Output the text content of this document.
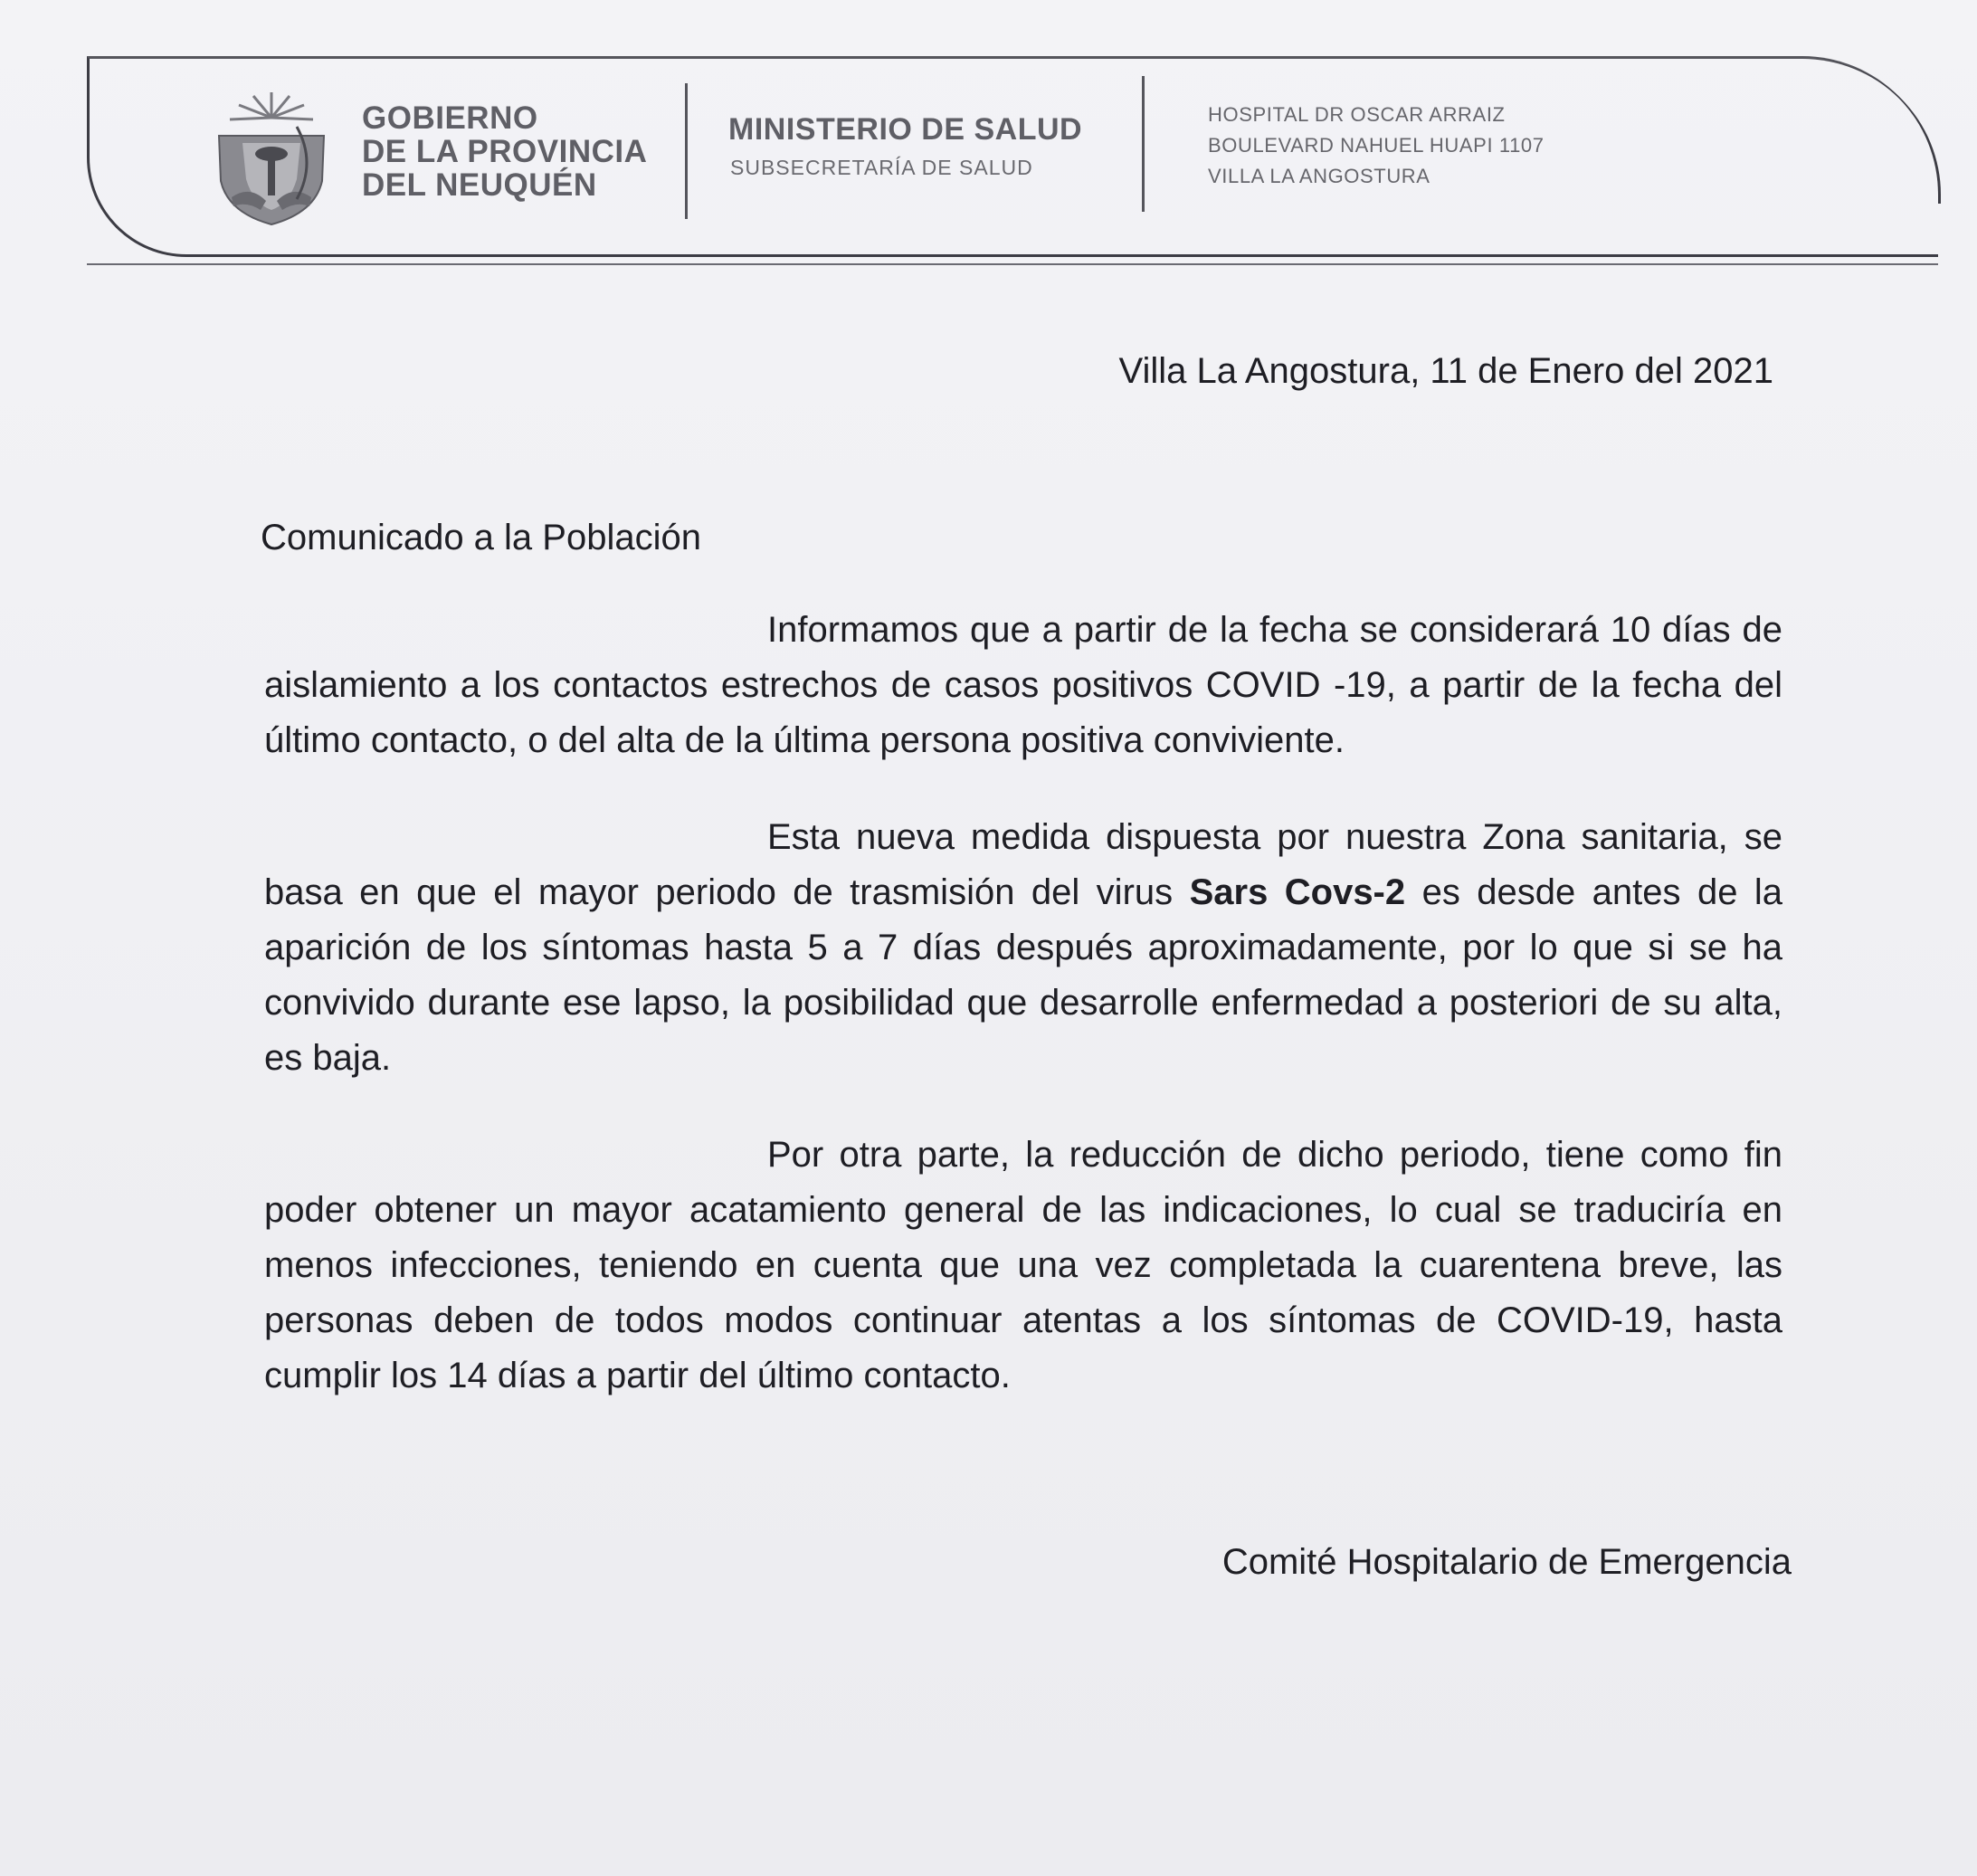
GOBIERNO
DE LA PROVINCIA
DEL NEUQUÉN
MINISTERIO DE SALUD
SUBSECRETARÍA DE SALUD
HOSPITAL DR OSCAR ARRAIZ
BOULEVARD NAHUEL HUAPI 1107
VILLA LA ANGOSTURA
Villa La Angostura, 11 de Enero del 2021
Comunicado a la Población

Informamos que a partir de la fecha se considerará 10 días de aislamiento a los contactos estrechos de casos positivos COVID -19, a partir de la fecha del último contacto, o del alta de la última persona positiva conviviente.

Esta nueva medida dispuesta por nuestra Zona sanitaria, se basa en que el mayor periodo de trasmisión del virus Sars Covs-2 es desde antes de la aparición de los síntomas hasta 5 a 7 días después aproximadamente, por lo que si se ha convivido durante ese lapso, la posibilidad que desarrolle enfermedad a posteriori de su alta, es baja.

Por otra parte, la reducción de dicho periodo, tiene como fin poder obtener un mayor acatamiento general de las indicaciones, lo cual se traduciría en menos infecciones, teniendo en cuenta que una vez completada la cuarentena breve, las personas deben de todos modos continuar atentas a los síntomas de COVID-19, hasta cumplir los 14 días a partir del último contacto.

Comité Hospitalario de Emergencia
